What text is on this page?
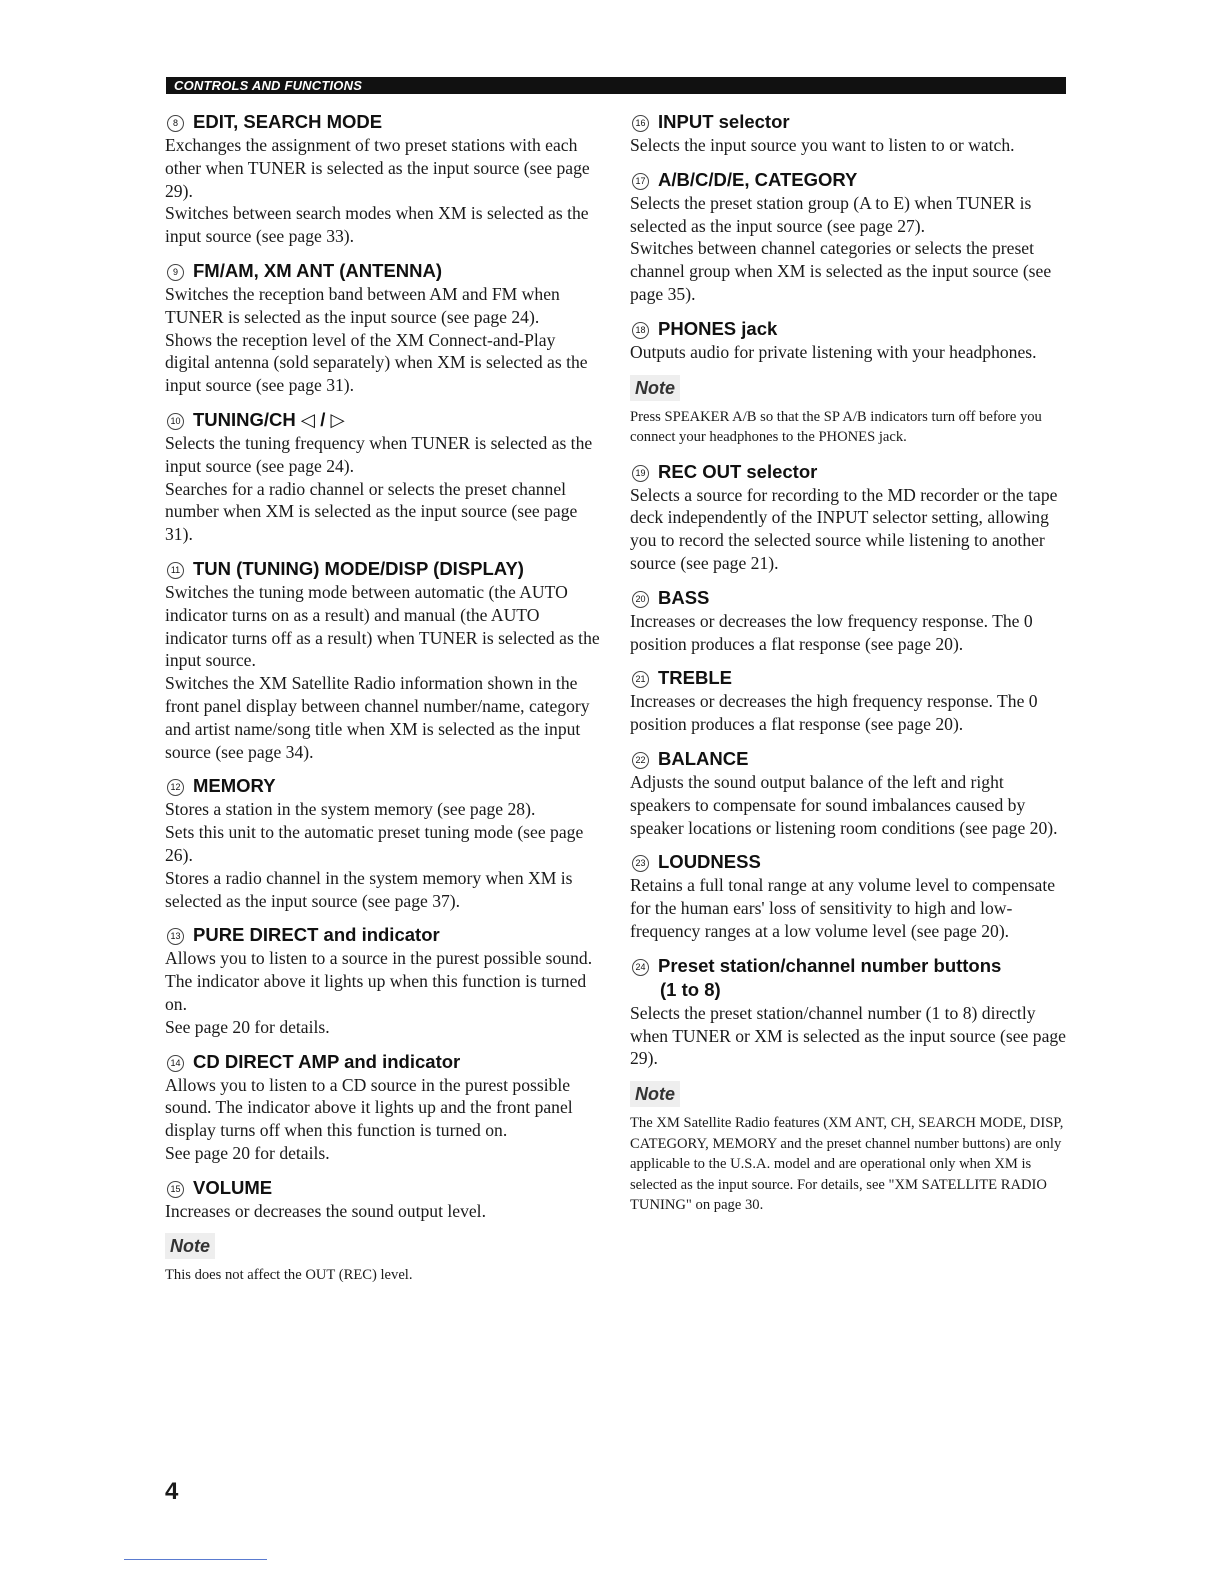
CONTROLS AND FUNCTIONS
8 EDIT, SEARCH MODE

Exchanges the assignment of two preset stations with each other when TUNER is selected as the input source (see page 29).

Switches between search modes when XM is selected as the input source (see page 33).

9 FM/AM, XM ANT (ANTENNA)

Switches the reception band between AM and FM when TUNER is selected as the input source (see page 24).

Shows the reception level of the XM Connect-and-Play digital antenna (sold separately) when XM is selected as the input source (see page 31).

10 TUNING/CH ◁ / ▷

Selects the tuning frequency when TUNER is selected as the input source (see page 24).

Searches for a radio channel or selects the preset channel number when XM is selected as the input source (see page 31).

11 TUN (TUNING) MODE/DISP (DISPLAY)

Switches the tuning mode between automatic (the AUTO indicator turns on as a result) and manual (the AUTO indicator turns off as a result) when TUNER is selected as the input source.

Switches the XM Satellite Radio information shown in the front panel display between channel number/name, category and artist name/song title when XM is selected as the input source (see page 34).

12 MEMORY

Stores a station in the system memory (see page 28).

Sets this unit to the automatic preset tuning mode (see page 26).

Stores a radio channel in the system memory when XM is selected as the input source (see page 37).

13 PURE DIRECT and indicator

Allows you to listen to a source in the purest possible sound. The indicator above it lights up when this function is turned on.

See page 20 for details.

14 CD DIRECT AMP and indicator

Allows you to listen to a CD source in the purest possible sound. The indicator above it lights up and the front panel display turns off when this function is turned on.

See page 20 for details.

15 VOLUME

Increases or decreases the sound output level.

Note

This does not affect the OUT (REC) level.

16 INPUT selector

Selects the input source you want to listen to or watch.

17 A/B/C/D/E, CATEGORY

Selects the preset station group (A to E) when TUNER is selected as the input source (see page 27).

Switches between channel categories or selects the preset channel group when XM is selected as the input source (see page 35).

18 PHONES jack

Outputs audio for private listening with your headphones.

Note

Press SPEAKER A/B so that the SP A/B indicators turn off before you connect your headphones to the PHONES jack.

19 REC OUT selector

Selects a source for recording to the MD recorder or the tape deck independently of the INPUT selector setting, allowing you to record the selected source while listening to another source (see page 21).

20 BASS

Increases or decreases the low frequency response. The 0 position produces a flat response (see page 20).

21 TREBLE

Increases or decreases the high frequency response. The 0 position produces a flat response (see page 20).

22 BALANCE

Adjusts the sound output balance of the left and right speakers to compensate for sound imbalances caused by speaker locations or listening room conditions (see page 20).

23 LOUDNESS

Retains a full tonal range at any volume level to compensate for the human ears' loss of sensitivity to high and low-frequency ranges at a low volume level (see page 20).

24 Preset station/channel number buttons
(1 to 8)

Selects the preset station/channel number (1 to 8) directly when TUNER or XM is selected as the input source (see page 29).

Note

The XM Satellite Radio features (XM ANT, CH, SEARCH MODE, DISP, CATEGORY, MEMORY and the preset channel number buttons) are only applicable to the U.S.A. model and are operational only when XM is selected as the input source. For details, see "XM SATELLITE RADIO TUNING" on page 30.

4
